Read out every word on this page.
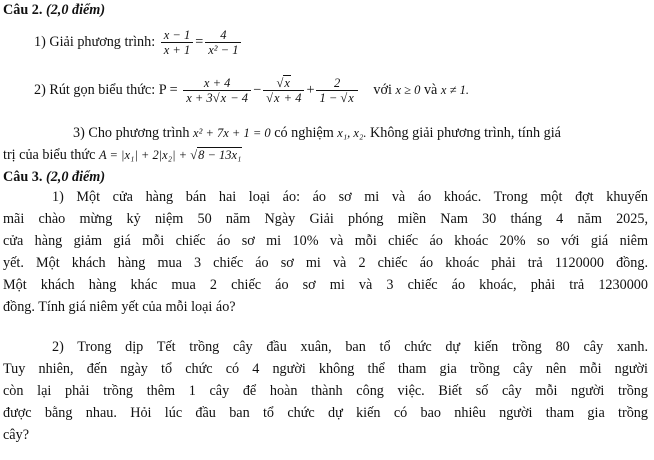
Câu 2. (2,0 điểm)
1) Giải phương trình: $\frac{x - 1}{x + 1} = \frac{4}{\text{x² − 1}}$
2) Rút gọn biểu thức: $P = \frac{x + 4}{x + 3√x - 4} - \frac{√x}{√x + 4} + \frac{2}{1 - √x}$ với x ≥ 0 và x ≠ 1.
3) Cho phương trình x² + 7x + 1 = 0 có nghiệm x₁, x₂. Không giải phương trình, tính giá
trị của biểu thức A = |x₁| + 2|x₂| + √8 − 13x₁
Câu 3. (2,0 điểm)
1) Một cửa hàng bán hai loại áo: áo sơ mi và áo khoác. Trong một đợt khuyến
mãi chào mừng kỷ niệm 50 năm Ngày Giải phóng miền Nam 30 tháng 4 năm 2025,
cửa hàng giảm giá mỗi chiếc áo sơ mi 10% và mỗi chiếc áo khoác 20% so với giá niêm
yết. Một khách hàng mua 3 chiếc áo sơ mi và 2 chiếc áo khoác phải trả 1120000 đồng.
Một khách hàng khác mua 2 chiếc áo sơ mi và 3 chiếc áo khoác, phải trả 1230000
đồng. Tính giá niêm yết của mỗi loại áo?
2) Trong dịp Tết trồng cây đầu xuân, ban tổ chức dự kiến trồng 80 cây xanh.
Tuy nhiên, đến ngày tổ chức có 4 người không thể tham gia trồng cây nên mỗi người
còn lại phải trồng thêm 1 cây để hoàn thành công việc. Biết số cây mỗi người trồng
được bằng nhau. Hỏi lúc đầu ban tổ chức dự kiến có bao nhiêu người tham gia trồng
cây?
